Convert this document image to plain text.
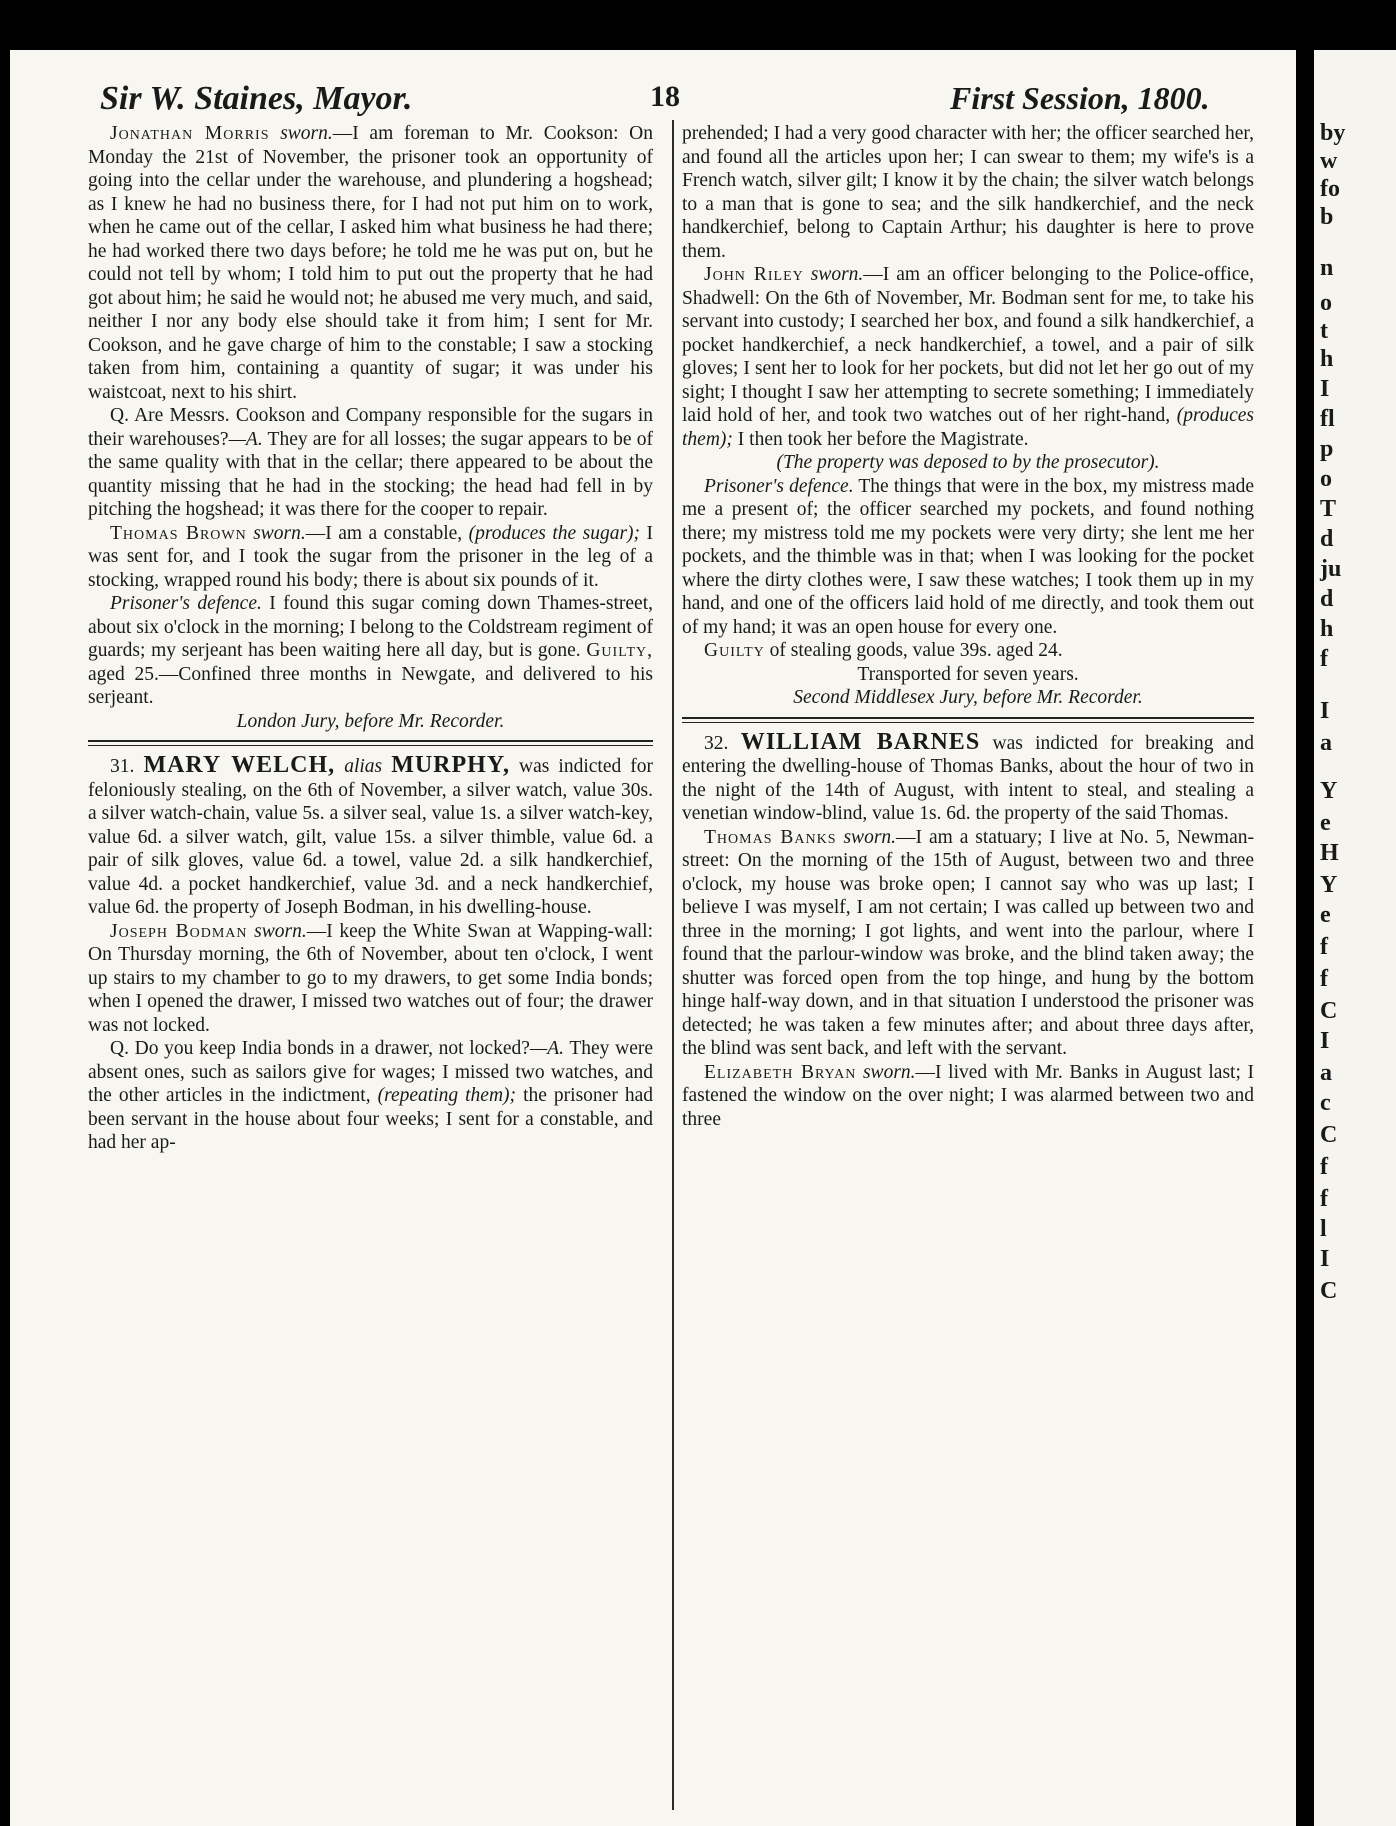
Sir W. Staines, Mayor.	18	First Session, 1800.

Jonathan Morris sworn.—I am foreman to Mr. Cookson: On Monday the 21st of November, the prisoner took an opportunity of going into the cellar under the warehouse, and plundering a hogshead; as I knew he had no business there, for I had not put him on to work, when he came out of the cellar, I asked him what business he had there; he had worked there two days before; he told me he was put on, but he could not tell by whom; I told him to put out the property that he had got about him; he said he would not; he abused me very much, and said, neither I nor any body else should take it from him; I sent for Mr. Cookson, and he gave charge of him to the constable; I saw a stocking taken from him, containing a quantity of sugar; it was under his waistcoat, next to his shirt.

Q. Are Messrs. Cookson and Company responsible for the sugars in their warehouses?—A. They are for all losses; the sugar appears to be of the same quality with that in the cellar; there appeared to be about the quantity missing that he had in the stocking; the head had fell in by pitching the hogshead; it was there for the cooper to repair.

Thomas Brown sworn.—I am a constable, (produces the sugar); I was sent for, and I took the sugar from the prisoner in the leg of a stocking, wrapped round his body; there is about six pounds of it.

Prisoner's defence. I found this sugar coming down Thames-street, about six o'clock in the morning; I belong to the Coldstream regiment of guards; my serjeant has been waiting here all day, but is gone. Guilty, aged 25.—Confined three months in Newgate, and delivered to his serjeant.

London Jury, before Mr. Recorder.

31. MARY WELCH, alias MURPHY, was indicted for feloniously stealing, on the 6th of November, a silver watch, value 30s. a silver watch-chain, value 5s. a silver seal, value 1s. a silver watch-key, value 6d. a silver watch, gilt, value 15s. a silver thimble, value 6d. a pair of silk gloves, value 6d. a towel, value 2d. a silk handkerchief, value 4d. a pocket handkerchief, value 3d. and a neck handkerchief, value 6d. the property of Joseph Bodman, in his dwelling-house.

Joseph Bodman sworn.—I keep the White Swan at Wapping-wall: On Thursday morning, the 6th of November, about ten o'clock, I went up stairs to my chamber to go to my drawers, to get some India bonds; when I opened the drawer, I missed two watches out of four; the drawer was not locked.

Q. Do you keep India bonds in a drawer, not locked?—A. They were absent ones, such as sailors give for wages; I missed two watches, and the other articles in the indictment, (repeating them); the prisoner had been servant in the house about four weeks; I sent for a constable, and had her ap-

prehended; I had a very good character with her; the officer searched her, and found all the articles upon her; I can swear to them; my wife's is a French watch, silver gilt; I know it by the chain; the silver watch belongs to a man that is gone to sea; and the silk handkerchief, and the neck handkerchief, belong to Captain Arthur; his daughter is here to prove them.

John Riley sworn.—I am an officer belonging to the Police-office, Shadwell: On the 6th of November, Mr. Bodman sent for me, to take his servant into custody; I searched her box, and found a silk handkerchief, a pocket handkerchief, a neck handkerchief, a towel, and a pair of silk gloves; I sent her to look for her pockets, but did not let her go out of my sight; I thought I saw her attempting to secrete something; I immediately laid hold of her, and took two watches out of her right-hand, (produces them); I then took her before the Magistrate.

(The property was deposed to by the prosecutor).

Prisoner's defence. The things that were in the box, my mistress made me a present of; the officer searched my pockets, and found nothing there; my mistress told me my pockets were very dirty; she lent me her pockets, and the thimble was in that; when I was looking for the pocket where the dirty clothes were, I saw these watches; I took them up in my hand, and one of the officers laid hold of me directly, and took them out of my hand; it was an open house for every one.

Guilty of stealing goods, value 39s. aged 24.

Transported for seven years.

Second Middlesex Jury, before Mr. Recorder.

32. WILLIAM BARNES was indicted for breaking and entering the dwelling-house of Thomas Banks, about the hour of two in the night of the 14th of August, with intent to steal, and stealing a venetian window-blind, value 1s. 6d. the property of the said Thomas.

Thomas Banks sworn.—I am a statuary; I live at No. 5, Newman-street: On the morning of the 15th of August, between two and three o'clock, my house was broke open; I cannot say who was up last; I believe I was myself, I am not certain; I was called up between two and three in the morning; I got lights, and went into the parlour, where I found that the parlour-window was broke, and the blind taken away; the shutter was forced open from the top hinge, and hung by the bottom hinge half-way down, and in that situation I understood the prisoner was detected; he was taken a few minutes after; and about three days after, the blind was sent back, and left with the servant.

Elizabeth Bryan sworn.—I lived with Mr. Banks in August last; I fastened the window on the over night; I was alarmed between two and three

by
w
fo
b
n
o
t
h
I
fl
p
o
T
d
ju
d
h
f
I
a
Y
e
H
Y
e
f
f
C
I
a
c
C
f
f
l
I
C
